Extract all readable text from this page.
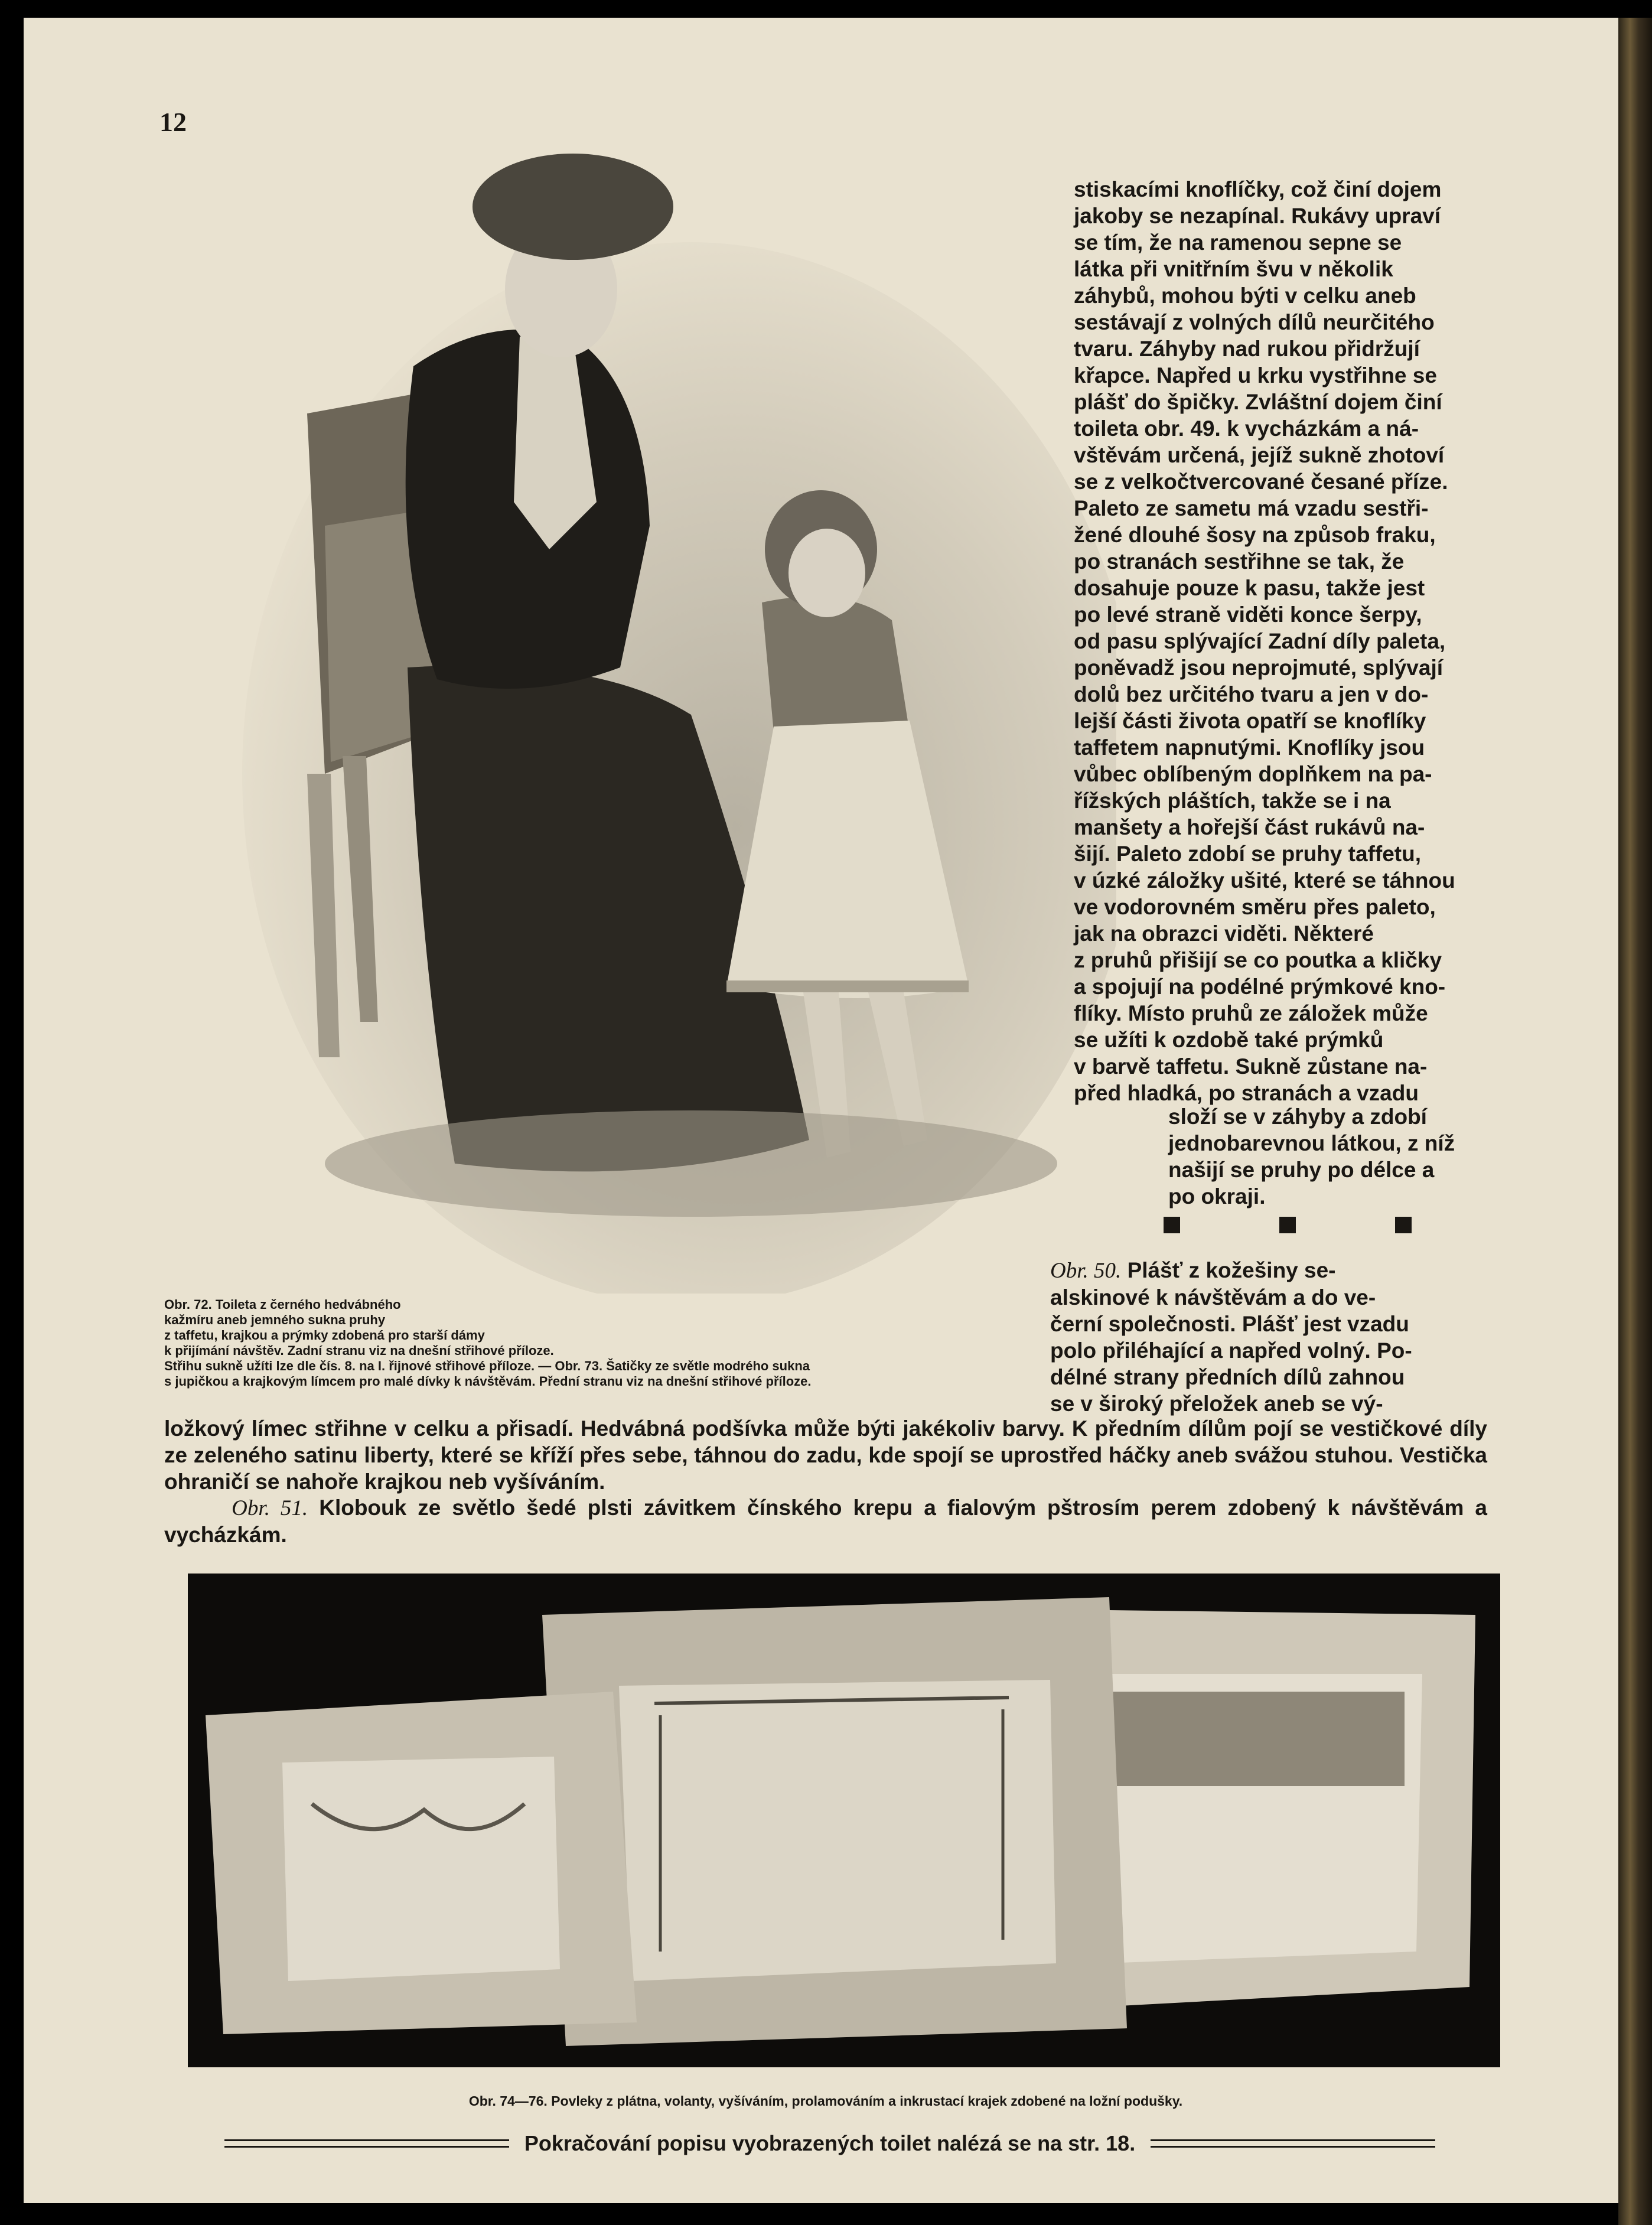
12

stiskacími knoflíčky, což činí dojem
jakoby se nezapínal. Rukávy upraví
se tím, že na ramenou sepne se
látka při vnitřním švu v několik
záhybů, mohou býti v celku aneb
sestávají z volných dílů neurčitého
tvaru. Záhyby nad rukou přidržují
křapce. Napřed u krku vystřihne se
plášť do špičky. Zvláštní dojem činí
toileta obr. 49. k vycházkám a ná-
vštěvám určená, jejíž sukně zhotoví
se z velkočtvercované česané příze.
Paleto ze sametu má vzadu sestři-
žené dlouhé šosy na způsob fraku,
po stranách sestřihne se tak, že
dosahuje pouze k pasu, takže jest
po levé straně viděti konce šerpy,
od pasu splývající Zadní díly paleta,
poněvadž jsou neprojmuté, splývají
dolů bez určitého tvaru a jen v do-
lejší části života opatří se knoflíky
taffetem napnutými. Knoflíky jsou
vůbec oblíbeným doplňkem na pa-
řížských pláštích, takže se i na
manšety a hořejší část rukávů na-
šijí. Paleto zdobí se pruhy taffetu,
v úzké záložky ušité, které se táhnou
ve vodorovném směru přes paleto,
jak na obrazci viděti. Některé
z pruhů přišijí se co poutka a kličky
a spojují na podélné prýmkové kno-
flíky. Místo pruhů ze záložek může
se užíti k ozdobě také prýmků
v barvě taffetu. Sukně zůstane na-
před hladká, po stranách a vzadu

složí se v záhyby a zdobí
jednobarevnou látkou, z níž
našijí se pruhy po délce a
po okraji.

Obr. 50. Plášť z kožešiny se-
alskinové k návštěvám a do ve-
černí společnosti. Plášť jest vzadu
polo přiléhající a napřed volný. Po-
délné strany předních dílů zahnou
se v široký přeložek aneb se vý-

Obr. 72. Toileta z černého hedvábného
kažmíru aneb jemného sukna pruhy
z taffetu, krajkou a prýmky zdobená pro starší dámy
k přijímání návštěv. Zadní stranu viz na dnešní střihové příloze.
Střihu sukně užíti lze dle čís. 8. na I. řijnové střihové příloze. — Obr. 73. Šatičky ze světle modrého sukna
s jupičkou a krajkovým límcem pro malé dívky k návštěvám. Přední stranu viz na dnešní střihové příloze.

ložkový límec střihne v celku a přisadí. Hedvábná podšívka může býti jakékoliv barvy. K předním dílům pojí se vestičkové díly ze zeleného satinu liberty, které se kříží přes sebe, táhnou do zadu, kde spojí se uprostřed háčky aneb svážou stuhou. Vestička ohraničí se nahoře krajkou neb vyšíváním.

Obr. 51. Klobouk ze světlo šedé plsti závitkem čínského krepu a fialovým pštrosím perem zdobený k návštěvám a vycházkám.

Obr. 74—76. Povleky z plátna, volanty, vyšíváním, prolamováním a inkrustací krajek zdobené na ložní podušky.

Pokračování popisu vyobrazených toilet nalézá se na str. 18.
